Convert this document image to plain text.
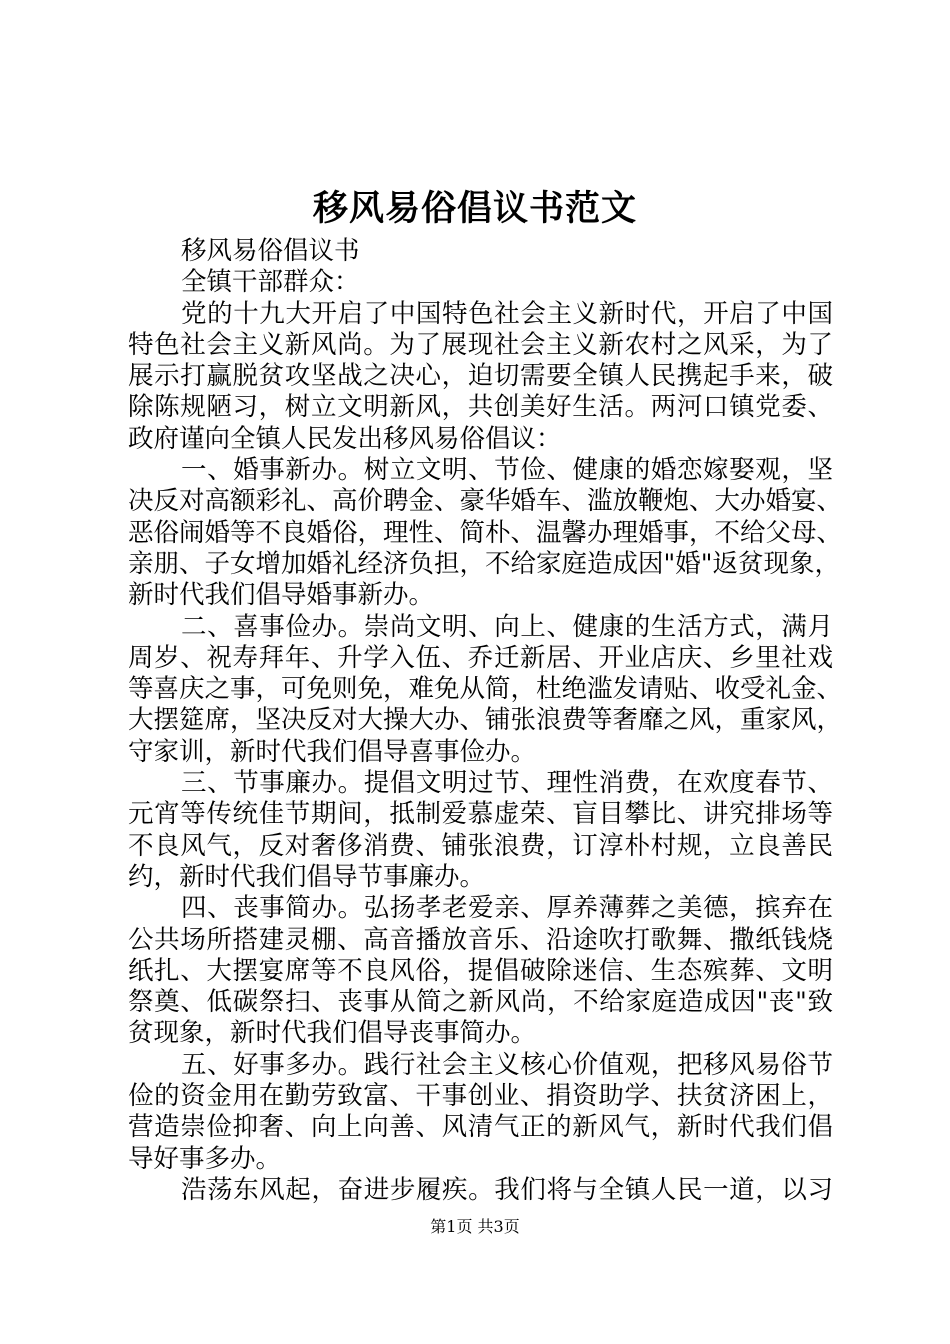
移风易俗倡议书范文
移风易俗倡议书
全镇干部群众：
党的十九大开启了中国特色社会主义新时代，开启了中国
特色社会主义新风尚。为了展现社会主义新农村之风采，为了
展示打赢脱贫攻坚战之决心，迫切需要全镇人民携起手来，破
除陈规陋习，树立文明新风，共创美好生活。两河口镇党委、
政府谨向全镇人民发出移风易俗倡议：
一、婚事新办。树立文明、节俭、健康的婚恋嫁娶观，坚
决反对高额彩礼、高价聘金、豪华婚车、滥放鞭炮、大办婚宴、
恶俗闹婚等不良婚俗，理性、简朴、温馨办理婚事，不给父母、
亲朋、子女增加婚礼经济负担，不给家庭造成因"婚"返贫现象，
新时代我们倡导婚事新办。
二、喜事俭办。崇尚文明、向上、健康的生活方式，满月
周岁、祝寿拜年、升学入伍、乔迁新居、开业店庆、乡里社戏
等喜庆之事，可免则免，难免从简，杜绝滥发请贴、收受礼金、
大摆筵席，坚决反对大操大办、铺张浪费等奢靡之风，重家风，
守家训，新时代我们倡导喜事俭办。
三、节事廉办。提倡文明过节、理性消费，在欢度春节、
元宵等传统佳节期间，抵制爱慕虚荣、盲目攀比、讲究排场等
不良风气，反对奢侈消费、铺张浪费，订淳朴村规，立良善民
约，新时代我们倡导节事廉办。
四、丧事简办。弘扬孝老爱亲、厚养薄葬之美德，摈弃在
公共场所搭建灵棚、高音播放音乐、沿途吹打歌舞、撒纸钱烧
纸扎、大摆宴席等不良风俗，提倡破除迷信、生态殡葬、文明
祭奠、低碳祭扫、丧事从简之新风尚，不给家庭造成因"丧"致
贫现象，新时代我们倡导丧事简办。
五、好事多办。践行社会主义核心价值观，把移风易俗节
俭的资金用在勤劳致富、干事创业、捐资助学、扶贫济困上，
营造崇俭抑奢、向上向善、风清气正的新风气，新时代我们倡
导好事多办。
浩荡东风起，奋进步履疾。我们将与全镇人民一道，以习
第1页 共3页
